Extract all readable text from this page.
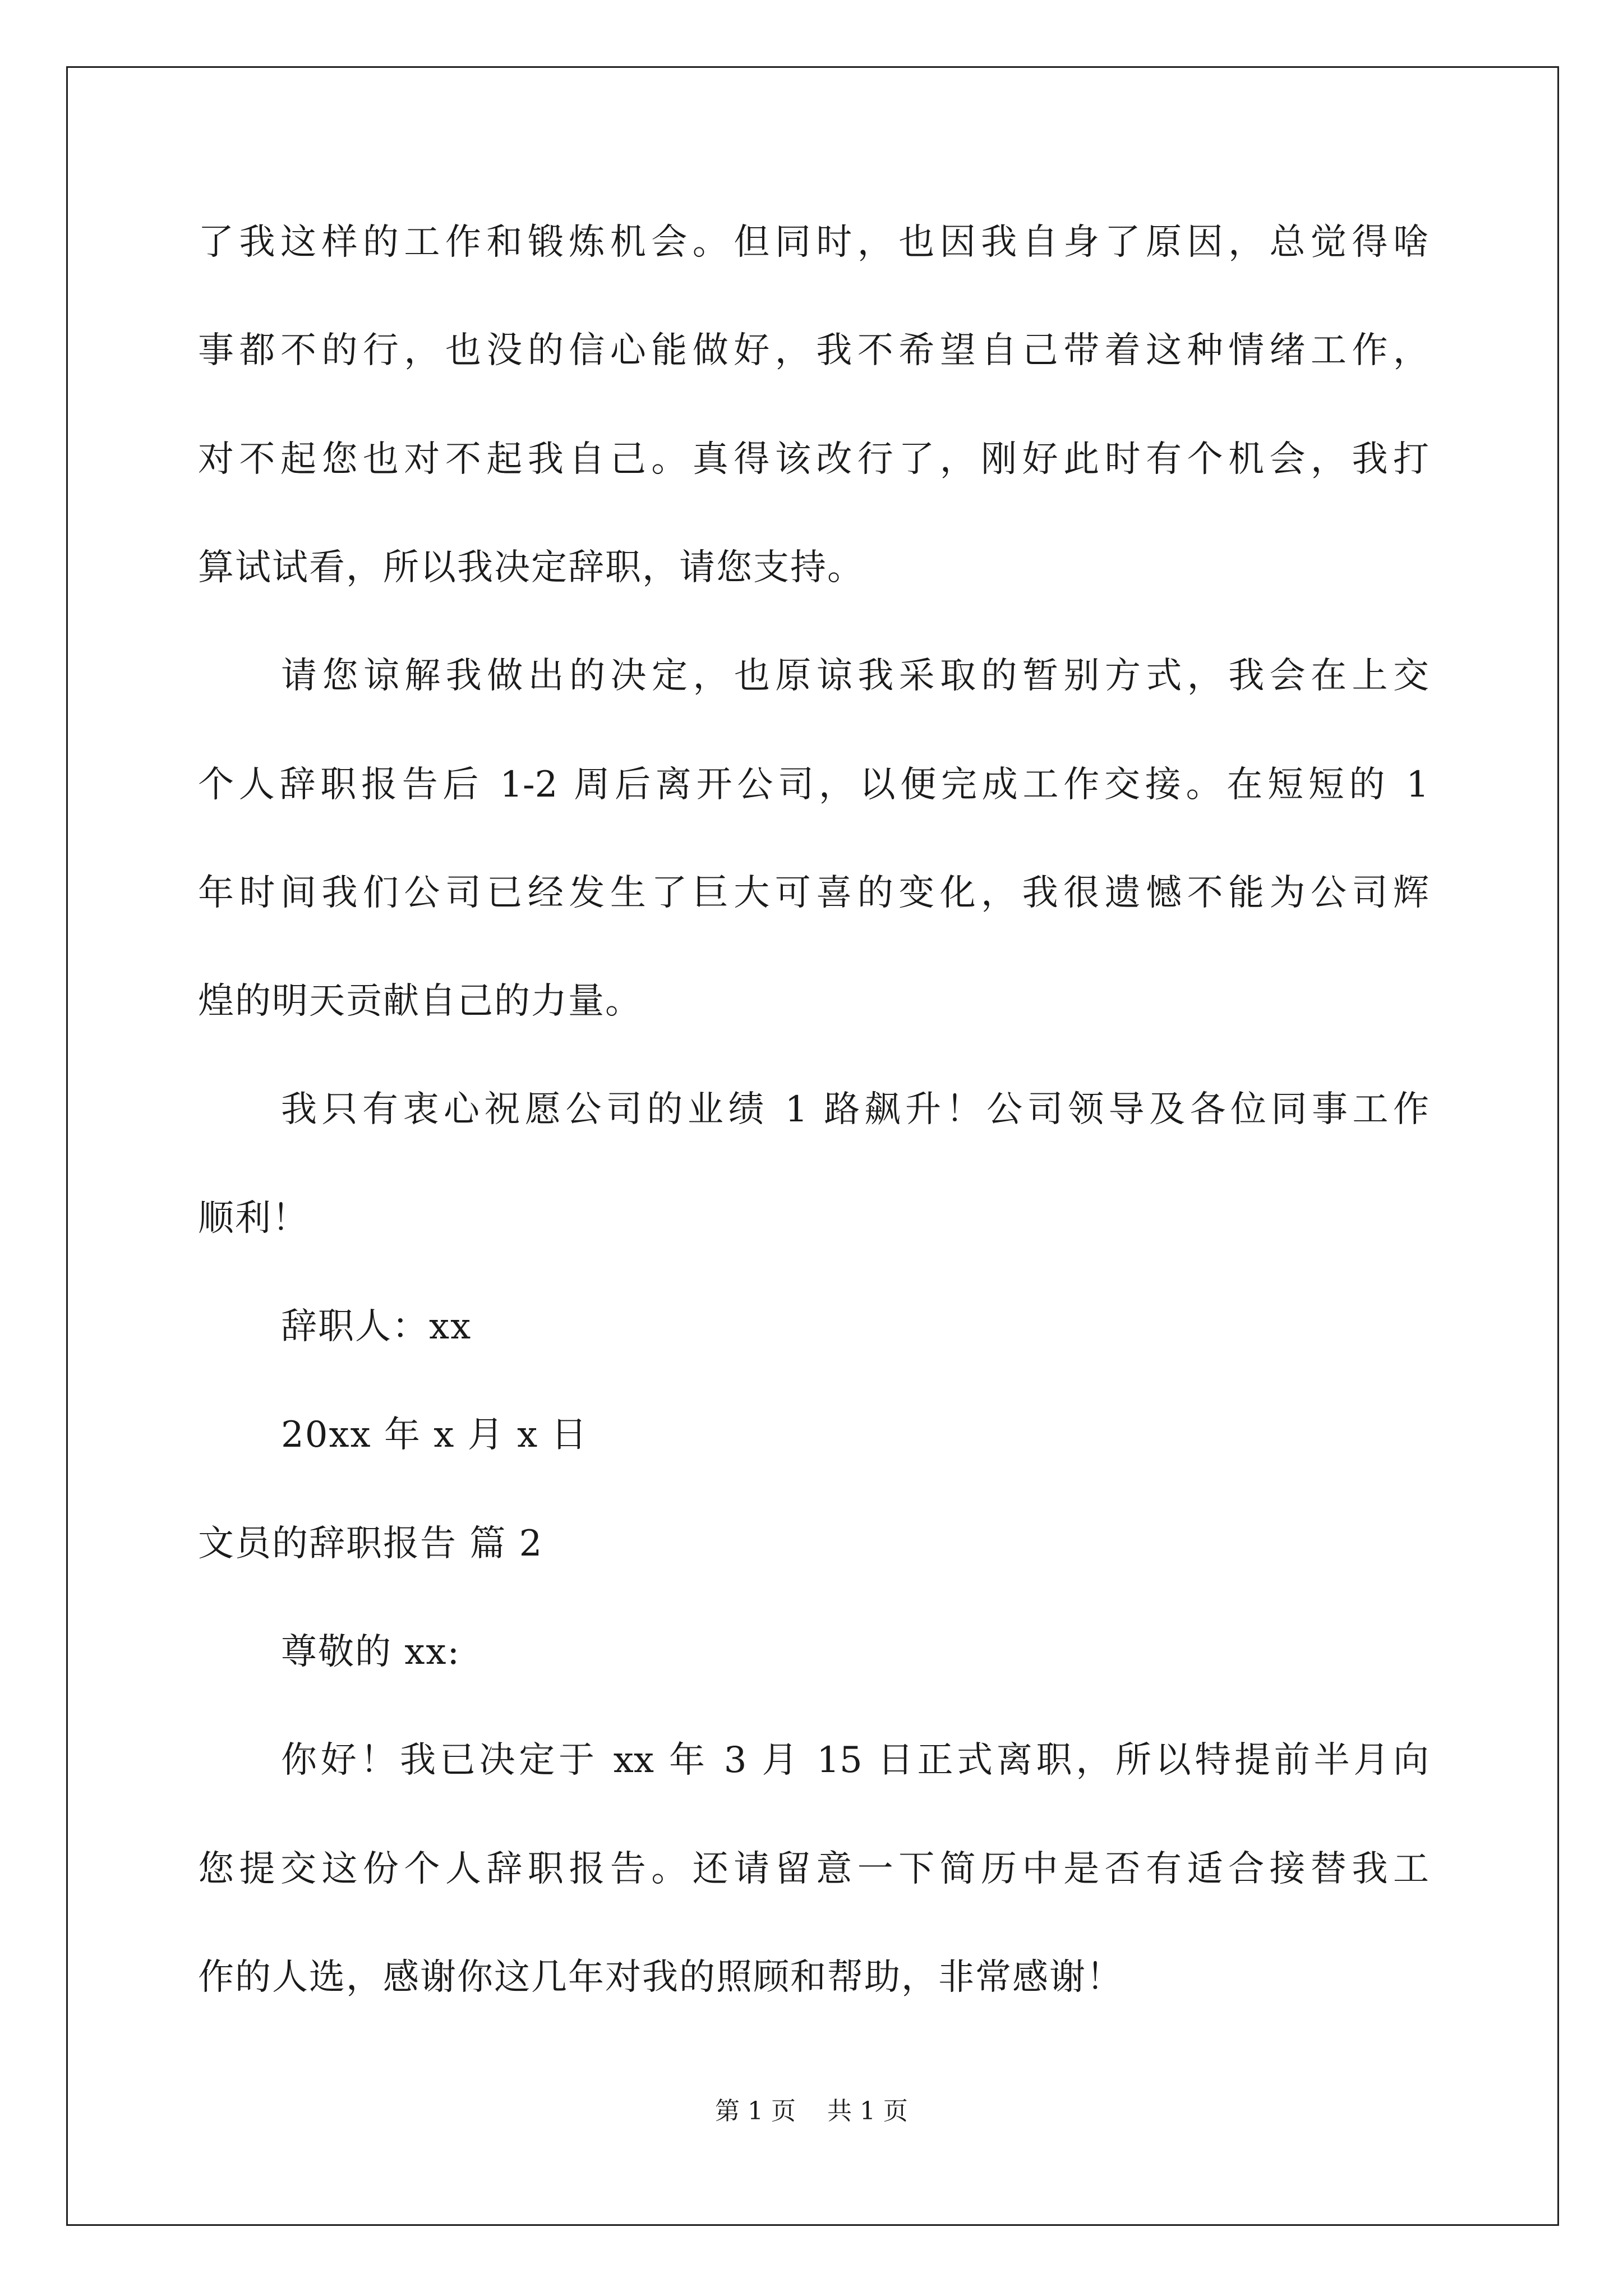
了我这样的工作和锻炼机会。但同时，也因我自身了原因，总觉得啥
事都不的行，也没的信心能做好，我不希望自己带着这种情绪工作，
对不起您也对不起我自己。真得该改行了，刚好此时有个机会，我打
算试试看，所以我决定辞职，请您支持。
请您谅解我做出的决定，也原谅我采取的暂别方式，我会在上交
个人辞职报告后 1-2 周后离开公司，以便完成工作交接。在短短的 1
年时间我们公司已经发生了巨大可喜的变化，我很遗憾不能为公司辉
煌的明天贡献自己的力量。
我只有衷心祝愿公司的业绩 1 路飙升！公司领导及各位同事工作
顺利！
辞职人：xx
20xx 年 x 月 x 日
文员的辞职报告 篇 2
尊敬的 xx:
你好！我已决定于 xx 年 3 月 15 日正式离职，所以特提前半月向
您提交这份个人辞职报告。还请留意一下简历中是否有适合接替我工
作的人选，感谢你这几年对我的照顾和帮助，非常感谢！
第 1 页    共 1 页
